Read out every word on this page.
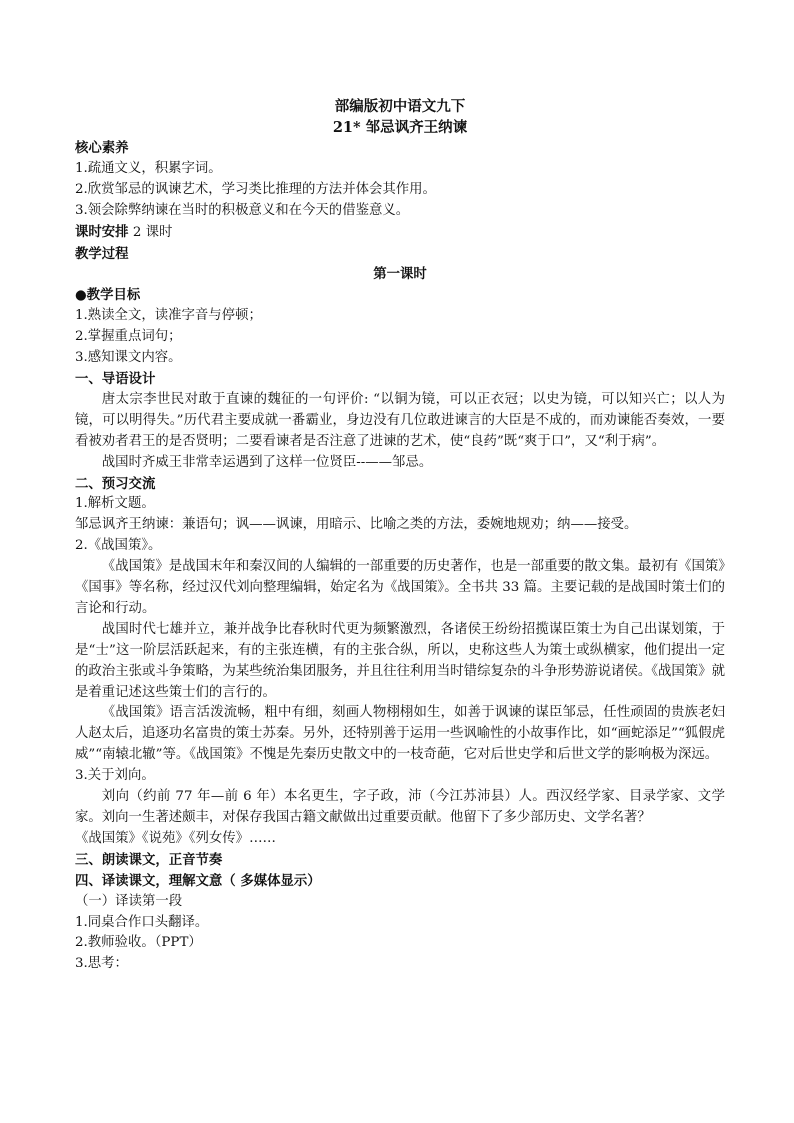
部编版初中语文九下

21* 邹忌讽齐王纳谏

核心素养

1.疏通文义，积累字词。

2.欣赏邹忌的讽谏艺术，学习类比推理的方法并体会其作用。

3.领会除弊纳谏在当时的积极意义和在今天的借鉴意义。

课时安排 2 课时

教学过程

第一课时

●教学目标

1.熟读全文，读准字音与停顿；

2.掌握重点词句；

3.感知课文内容。

一、导语设计

唐太宗李世民对敢于直谏的魏征的一句评价: “以铜为镜，可以正衣冠；以史为镜，可以知兴亡；以人为镜，可以明得失。”历代君主要成就一番霸业，身边没有几位敢进谏言的大臣是不成的，而劝谏能否奏效，一要看被劝者君王的是否贤明；二要看谏者是否注意了进谏的艺术，使“良药”既“爽于口”，又“利于病”。

战国时齐威王非常幸运遇到了这样一位贤臣--——邹忌。

二、预习交流

1.解析文题。

邹忌讽齐王纳谏：兼语句；讽——讽谏，用暗示、比喻之类的方法，委婉地规劝；纳——接受。

2.《战国策》。

《战国策》是战国末年和秦汉间的人编辑的一部重要的历史著作，也是一部重要的散文集。最初有《国策》《国事》等名称，经过汉代刘向整理编辑，始定名为《战国策》。全书共 33 篇。主要记载的是战国时策士们的言论和行动。

战国时代七雄并立，兼并战争比春秋时代更为频繁激烈，各诸侯王纷纷招揽谋臣策士为自己出谋划策，于是“士”这一阶层活跃起来，有的主张连横，有的主张合纵，所以，史称这些人为策士或纵横家，他们提出一定的政治主张或斗争策略，为某些统治集团服务，并且往往利用当时错综复杂的斗争形势游说诸侯。《战国策》就是着重记述这些策士们的言行的。

《战国策》语言活泼流畅，粗中有细，刻画人物栩栩如生，如善于讽谏的谋臣邹忌，任性顽固的贵族老妇人赵太后，追逐功名富贵的策士苏秦。另外，还特别善于运用一些讽喻性的小故事作比，如“画蛇添足”“狐假虎威”“南辕北辙”等。《战国策》不愧是先秦历史散文中的一枝奇葩，它对后世史学和后世文学的影响极为深远。

3.关于刘向。

刘向（约前 77 年—前 6 年）本名更生，字子政，沛（今江苏沛县）人。西汉经学家、目录学家、文学家。刘向一生著述颇丰，对保存我国古籍文献做出过重要贡献。他留下了多少部历史、文学名著？

《战国策》《说苑》《列女传》……

三、朗读课文，正音节奏

四、译读课文，理解文意（ 多媒体显示）

（一）译读第一段

1.同桌合作口头翻译。

2.教师验收。（PPT）

3.思考：
